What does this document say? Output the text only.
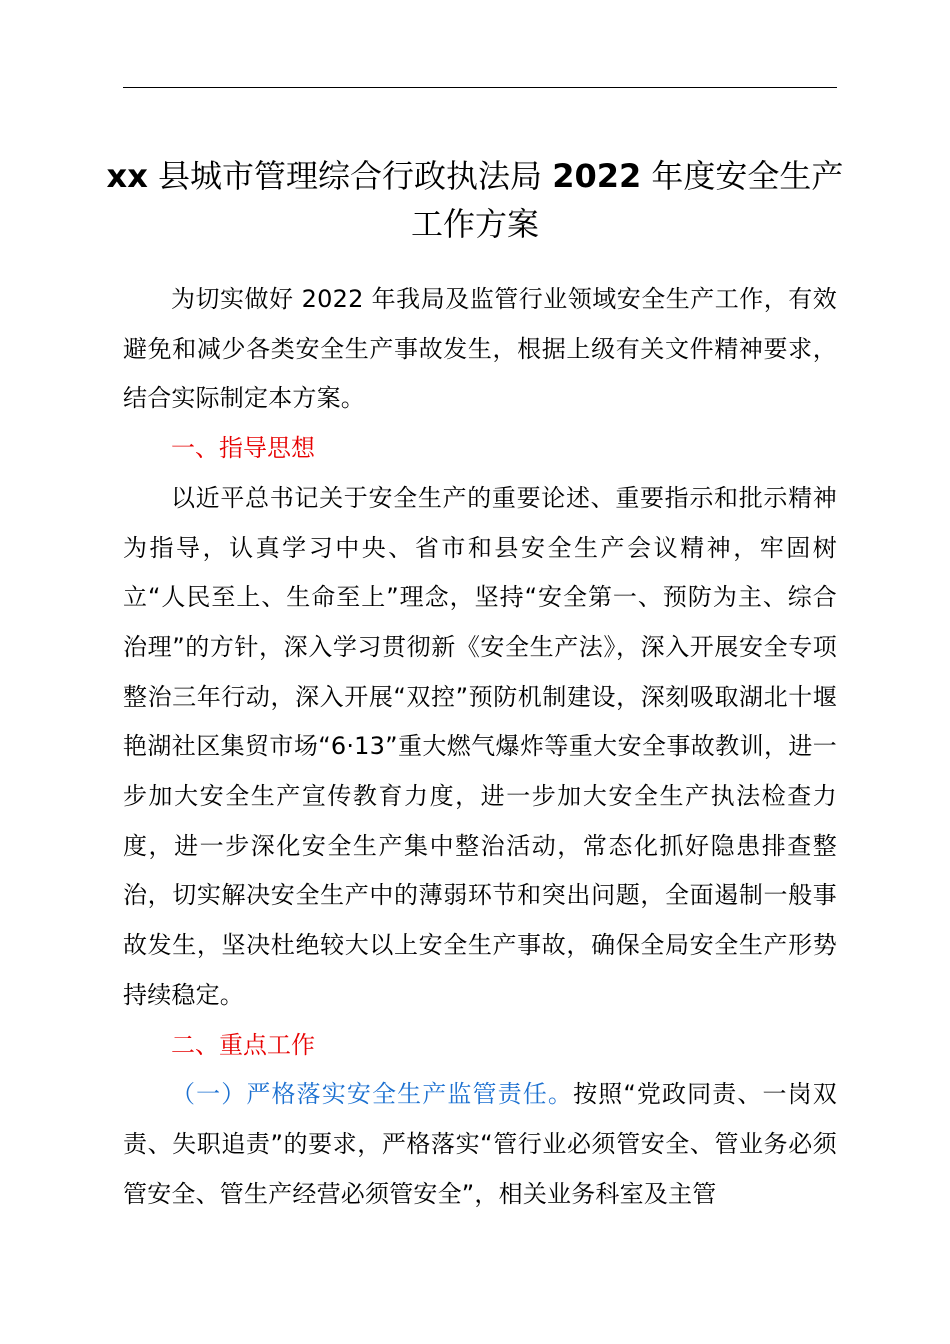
xx 县城市管理综合行政执法局 2022 年度安全生产工作方案

为切实做好 2022 年我局及监管行业领域安全生产工作，有效避免和减少各类安全生产事故发生，根据上级有关文件精神要求，结合实际制定本方案。

一、指导思想

以近平总书记关于安全生产的重要论述、重要指示和批示精神为指导，认真学习中央、省市和县安全生产会议精神，牢固树立“人民至上、生命至上”理念，坚持“安全第一、预防为主、综合治理”的方针，深入学习贯彻新《安全生产法》，深入开展安全专项整治三年行动，深入开展“双控”预防机制建设，深刻吸取湖北十堰艳湖社区集贸市场“6·13”重大燃气爆炸等重大安全事故教训，进一步加大安全生产宣传教育力度，进一步加大安全生产执法检查力度，进一步深化安全生产集中整治活动，常态化抓好隐患排查整治，切实解决安全生产中的薄弱环节和突出问题，全面遏制一般事故发生，坚决杜绝较大以上安全生产事故，确保全局安全生产形势持续稳定。

二、重点工作

（一）严格落实安全生产监管责任。按照“党政同责、一岗双责、失职追责”的要求，严格落实“管行业必须管安全、管业务必须管安全、管生产经营必须管安全”，相关业务科室及主管
